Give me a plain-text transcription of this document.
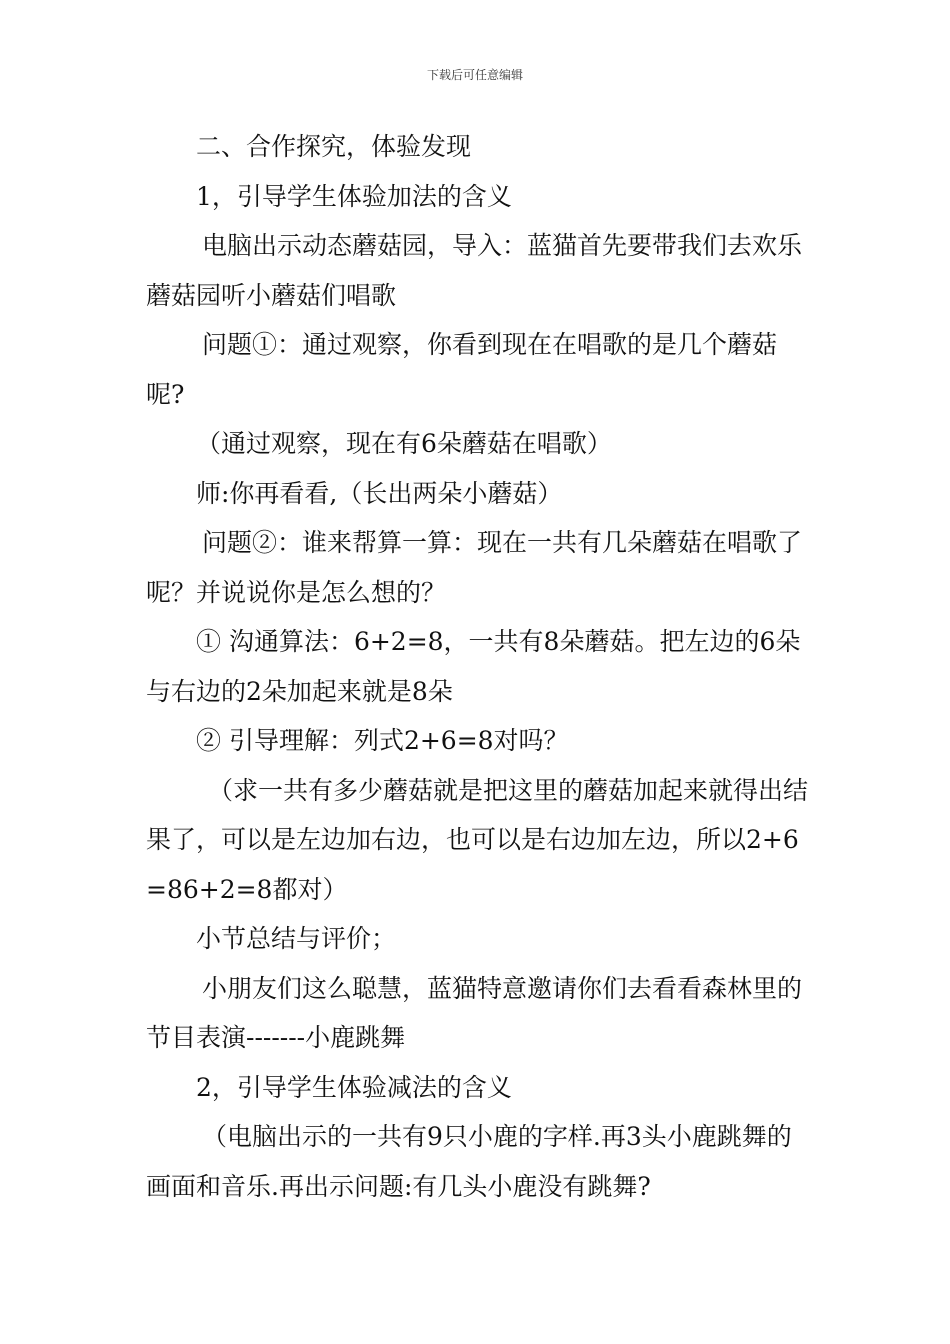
下载后可任意编辑

二、合作探究，体验发现

1，引导学生体验加法的含义

电脑出示动态蘑菇园，导入：蓝猫首先要带我们去欢乐蘑菇园听小蘑菇们唱歌

问题①：通过观察，你看到现在在唱歌的是几个蘑菇呢?

（通过观察，现在有6朵蘑菇在唱歌）

师:你再看看,（长出两朵小蘑菇）

问题②：谁来帮算一算：现在一共有几朵蘑菇在唱歌了呢？并说说你是怎么想的？

① 沟通算法：6+2=8，一共有8朵蘑菇。把左边的6朵与右边的2朵加起来就是8朵

② 引导理解：列式2+6=8对吗？

（求一共有多少蘑菇就是把这里的蘑菇加起来就得出结果了，可以是左边加右边，也可以是右边加左边，所以2+6=86+2=8都对）

小节总结与评价；

小朋友们这么聪慧，蓝猫特意邀请你们去看看森林里的节目表演-------小鹿跳舞

2，引导学生体验减法的含义

（电脑出示的一共有9只小鹿的字样.再3头小鹿跳舞的画面和音乐.再出示问题:有几头小鹿没有跳舞?
